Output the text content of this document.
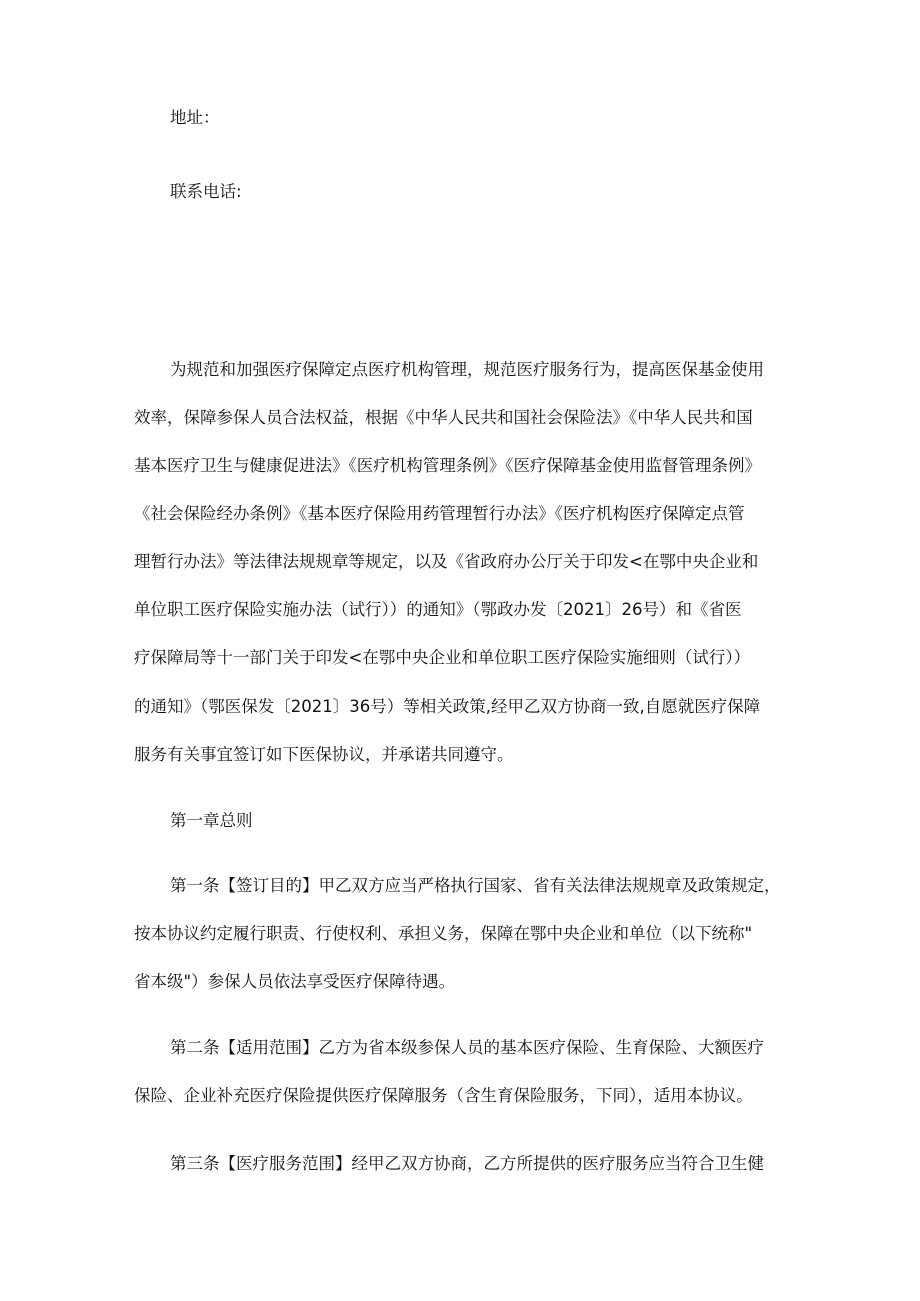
地址：
联系电话:
为规范和加强医疗保障定点医疗机构管理，规范医疗服务行为，提高医保基金使用
效率，保障参保人员合法权益，根据《中华人民共和国社会保险法》《中华人民共和国
基本医疗卫生与健康促进法》《医疗机构管理条例》《医疗保障基金使用监督管理条例》
《社会保险经办条例》《基本医疗保险用药管理暂行办法》《医疗机构医疗保障定点管
理暂行办法》等法律法规规章等规定，以及《省政府办公厅关于印发<在鄂中央企业和
单位职工医疗保险实施办法（试行））的通知》（鄂政办发〔2021〕26号）和《省医
疗保障局等十一部门关于印发<在鄂中央企业和单位职工医疗保险实施细则（试行））
的通知》（鄂医保发〔2021〕36号）等相关政策,经甲乙双方协商一致,自愿就医疗保障
服务有关事宜签订如下医保协议，并承诺共同遵守。
第一章总则
第一条【签订目的】甲乙双方应当严格执行国家、省有关法律法规规章及政策规定，
按本协议约定履行职责、行使权利、承担义务，保障在鄂中央企业和单位（以下统称"
省本级"）参保人员依法享受医疗保障待遇。
第二条【适用范围】乙方为省本级参保人员的基本医疗保险、生育保险、大额医疗
保险、企业补充医疗保险提供医疗保障服务（含生育保险服务，下同），适用本协议。
第三条【医疗服务范围】经甲乙双方协商，乙方所提供的医疗服务应当符合卫生健
